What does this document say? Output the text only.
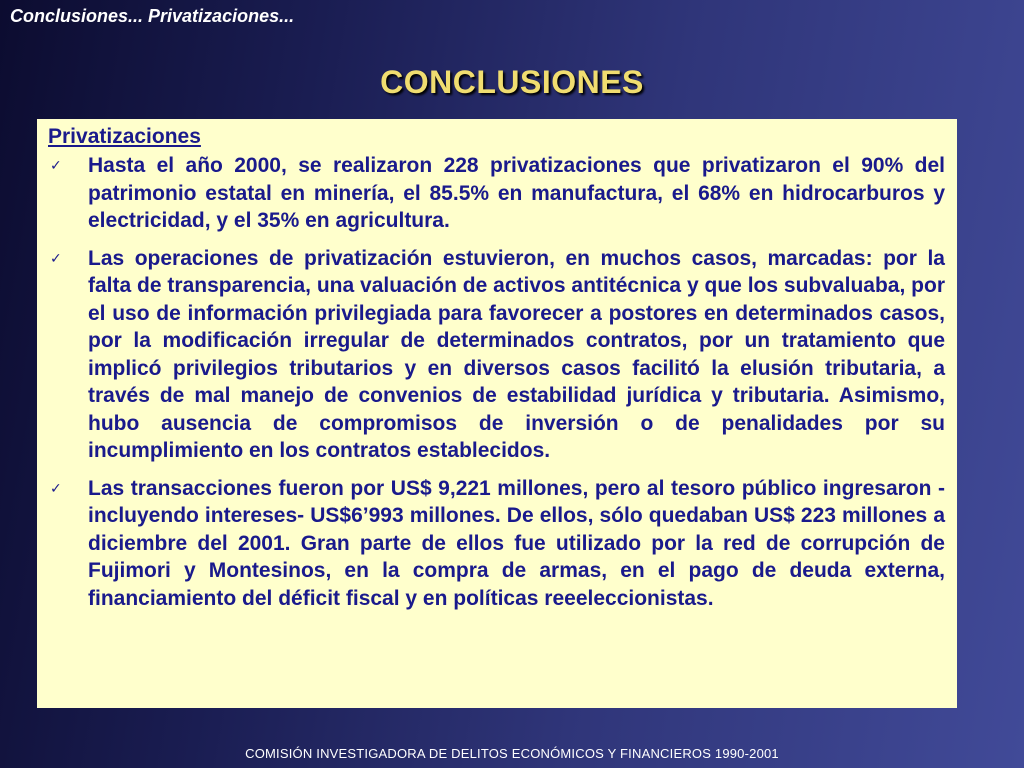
Conclusiones... Privatizaciones...
CONCLUSIONES
Privatizaciones
✓	Hasta el año 2000, se realizaron 228 privatizaciones que privatizaron el 90% del patrimonio estatal en minería, el 85.5% en manufactura, el 68% en hidrocarburos y electricidad, y el 35% en agricultura.
✓	Las operaciones de privatización estuvieron, en muchos casos, marcadas: por la falta de transparencia, una valuación de activos antitécnica y que los subvaluaba, por el uso de información privilegiada para favorecer a postores en determinados casos, por la modificación irregular de determinados contratos, por un tratamiento que implicó privilegios tributarios y en diversos casos facilitó la elusión tributaria, a través de mal manejo de convenios de estabilidad jurídica y tributaria. Asimismo, hubo ausencia de compromisos de inversión o de penalidades por su incumplimiento en los contratos establecidos.
✓	Las transacciones fueron por US$ 9,221 millones, pero al tesoro público ingresaron - incluyendo intereses- US$6’993 millones. De ellos, sólo quedaban US$ 223 millones a diciembre del 2001. Gran parte de ellos fue utilizado por la red de corrupción de Fujimori y Montesinos, en la compra de armas, en el pago de deuda externa, financiamiento del déficit fiscal y en políticas reeeleccionistas.
COMISIÓN INVESTIGADORA DE DELITOS ECONÓMICOS Y FINANCIEROS 1990-2001
